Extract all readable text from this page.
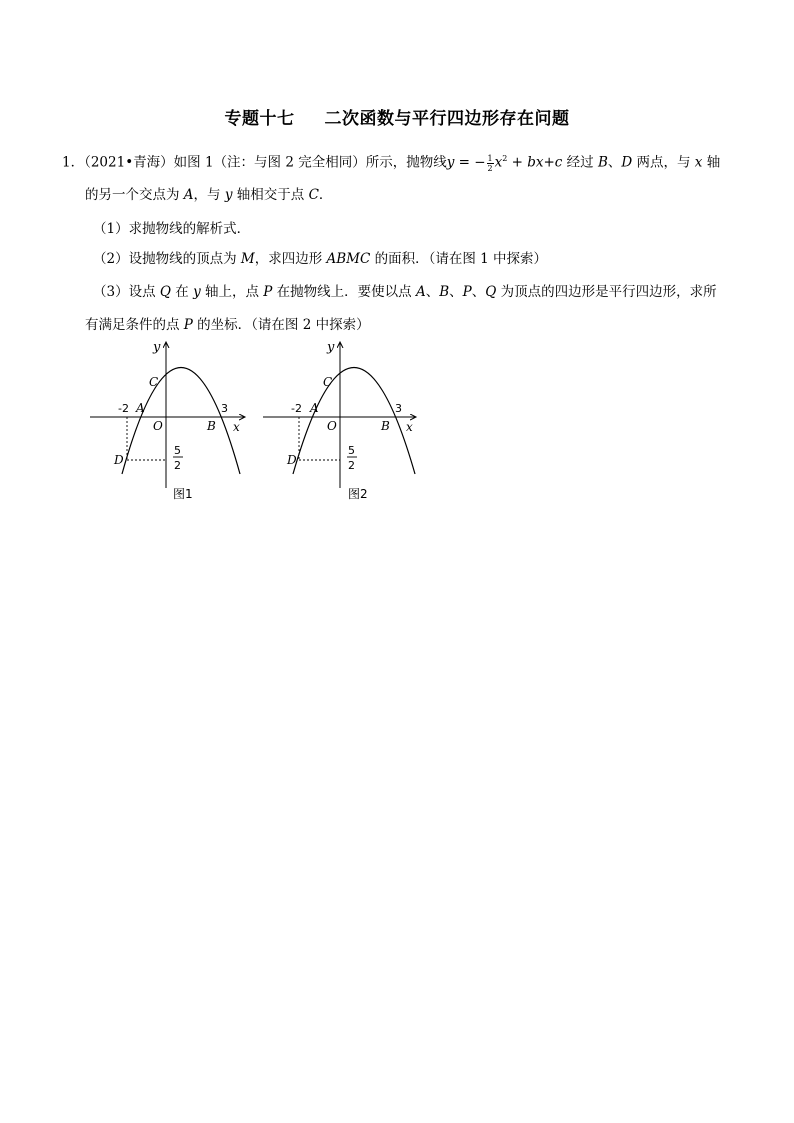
专题十七 二次函数与平行四边形存在问题
1．（2021•青海）如图 1（注：与图 2 完全相同）所示，抛物线y = − $\frac{1}{2} x^2 + bx+c$ 经过 B、D 两点，与 x 轴
的另一个交点为 A，与 y 轴相交于点 C．
（1）求抛物线的解析式．
（2）设抛物线的顶点为 M，求四边形 ABMC 的面积．（请在图 1 中探索）
（3）设点 Q 在 y 轴上，点 P 在抛物线上．要使以点 A、B、P、Q 为顶点的四边形是平行四边形，求所
有满足条件的点 P 的坐标．（请在图 2 中探索）
y
C
-2 A	3
O	B x
D
5
2
图1
y
C
-2 A	3
O	B x
D
5
2
图2
